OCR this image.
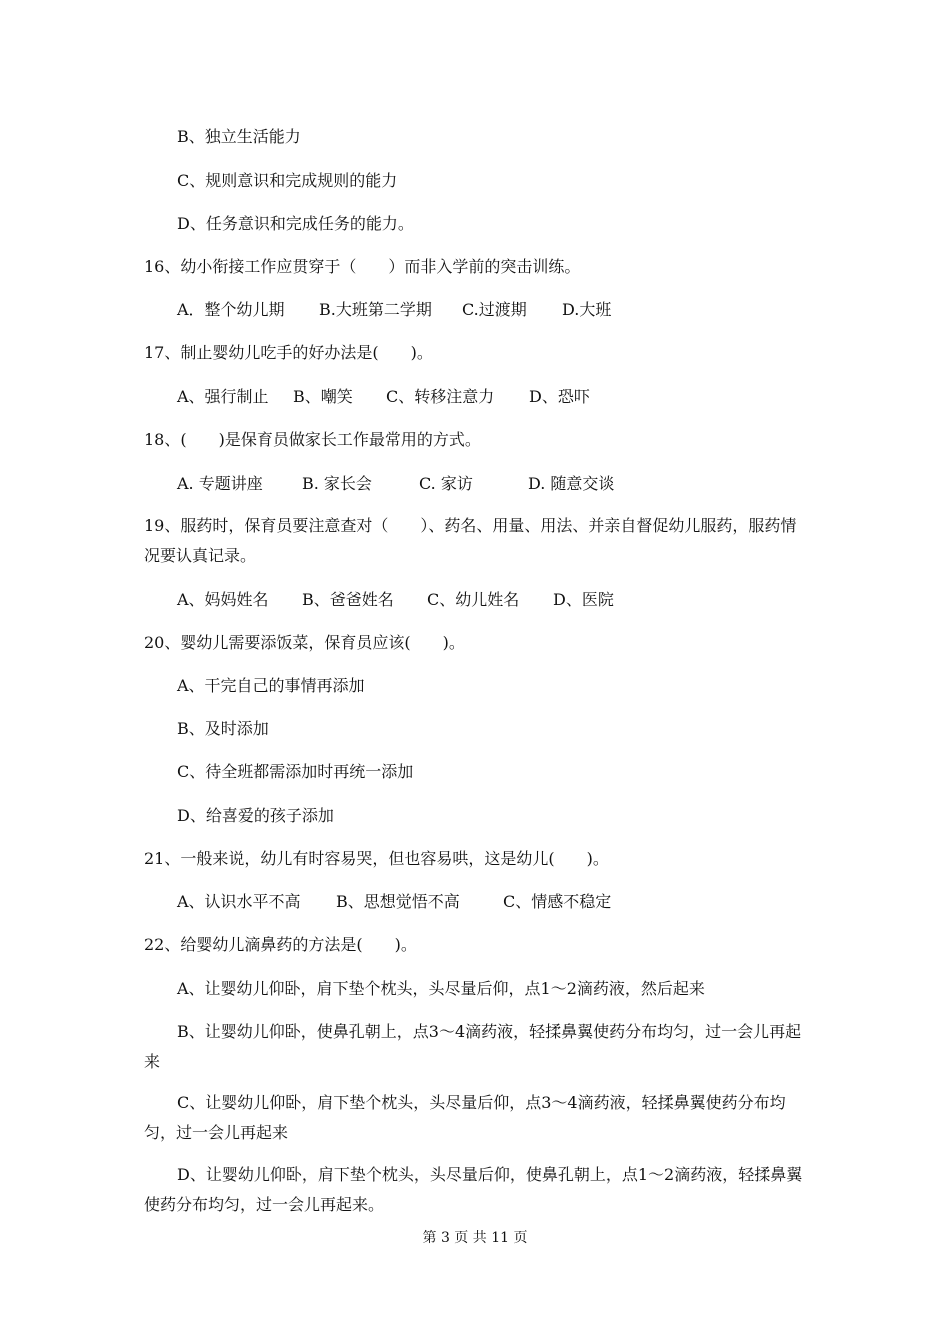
B、独立生活能力
C、规则意识和完成规则的能力
D、任务意识和完成任务的能力。
16、幼小衔接工作应贯穿于（　　）而非入学前的突击训练。
A．整个幼儿期 B.大班第二学期 C.过渡期 D.大班
17、制止婴幼儿吃手的好办法是(　　)。
A、强行制止 B、嘲笑 C、转移注意力 D、恐吓
18、(　　)是保育员做家长工作最常用的方式。
A. 专题讲座 B. 家长会	C. 家访	D. 随意交谈
19、服药时，保育员要注意查对（　　）、药名、用量、用法、并亲自督促幼儿服药，服药情况要认真记录。
A、妈妈姓名 B、爸爸姓名 C、幼儿姓名 D、医院
20、婴幼儿需要添饭菜，保育员应该(　　)。
A、干完自己的事情再添加
B、及时添加
C、待全班都需添加时再统一添加
D、给喜爱的孩子添加
21、一般来说，幼儿有时容易哭，但也容易哄，这是幼儿(　　)。
A、认识水平不高 B、思想觉悟不高	C、情感不稳定
22、给婴幼儿滴鼻药的方法是(　　)。
A、让婴幼儿仰卧，肩下垫个枕头，头尽量后仰，点1～2滴药液，然后起来
B、让婴幼儿仰卧，使鼻孔朝上，点3～4滴药液，轻揉鼻翼使药分布均匀，过一会儿再起来
C、让婴幼儿仰卧，肩下垫个枕头，头尽量后仰，点3～4滴药液，轻揉鼻翼使药分布均匀，过一会儿再起来
D、让婴幼儿仰卧，肩下垫个枕头，头尽量后仰，使鼻孔朝上，点1～2滴药液，轻揉鼻翼使药分布均匀，过一会儿再起来。
第 3 页 共 11 页
